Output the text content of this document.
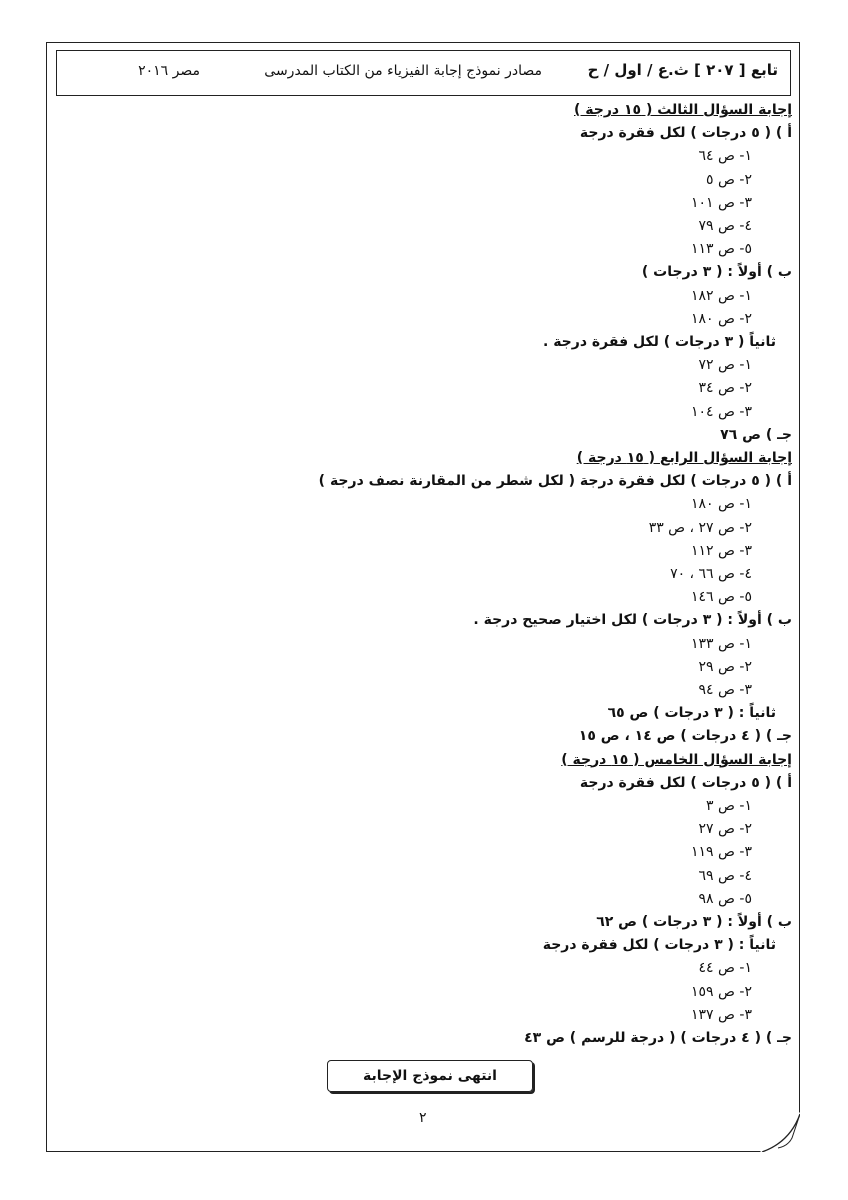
تابع [ ٢٠٧ ] ث.ع / اول / ح
مصادر نموذج إجابة الفيزياء من الكتاب المدرسى
مصر ٢٠١٦
إجابة السؤال الثالث ( ١٥ درجة )
أ ) ( ٥ درجات ) لكل فقرة درجة
١- ص ٦٤
٢- ص ٥
٣- ص ١٠١
٤- ص ٧٩
٥- ص ١١٣
ب ) أولاً : ( ٣ درجات )
١- ص ١٨٢
٢- ص ١٨٠
ثانياً ( ٣ درجات ) لكل فقرة درجة .
١- ص ٧٢
٢- ص ٣٤
٣- ص ١٠٤
جـ ) ص ٧٦
إجابة السؤال الرابع ( ١٥ درجة )
أ ) ( ٥ درجات ) لكل فقرة درجة ( لكل شطر من المقارنة نصف درجة )
١- ص ١٨٠
٢- ص ٢٧ ، ص ٣٣
٣- ص ١١٢
٤- ص ٦٦ ، ٧٠
٥- ص ١٤٦
ب ) أولاً : ( ٣ درجات ) لكل اختيار صحيح درجة .
١- ص ١٣٣
٢- ص ٢٩
٣- ص ٩٤
ثانياً : ( ٣ درجات ) ص ٦٥
جـ ) ( ٤ درجات ) ص ١٤ ، ص ١٥
إجابة السؤال الخامس ( ١٥ درجة )
أ ) ( ٥ درجات ) لكل فقرة درجة
١- ص ٣
٢- ص ٢٧
٣- ص ١١٩
٤- ص ٦٩
٥- ص ٩٨
ب ) أولاً : ( ٣ درجات ) ص ٦٢
ثانياً : ( ٣ درجات ) لكل فقرة درجة
١- ص ٤٤
٢- ص ١٥٩
٣- ص ١٣٧
جـ ) ( ٤ درجات ) ( درجة للرسم ) ص ٤٣
انتهى نموذج الإجابة
٢
